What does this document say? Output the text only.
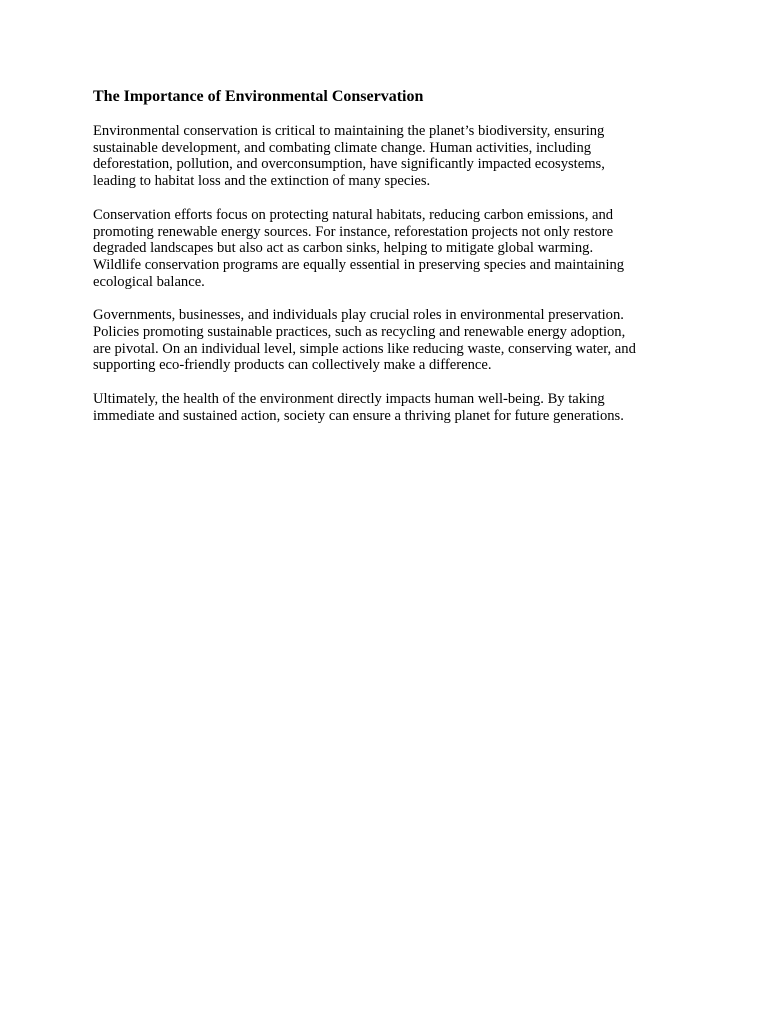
The Importance of Environmental Conservation

Environmental conservation is critical to maintaining the planet’s biodiversity, ensuring
sustainable development, and combating climate change. Human activities, including
deforestation, pollution, and overconsumption, have significantly impacted ecosystems,
leading to habitat loss and the extinction of many species.

Conservation efforts focus on protecting natural habitats, reducing carbon emissions, and
promoting renewable energy sources. For instance, reforestation projects not only restore
degraded landscapes but also act as carbon sinks, helping to mitigate global warming.
Wildlife conservation programs are equally essential in preserving species and maintaining
ecological balance.

Governments, businesses, and individuals play crucial roles in environmental preservation.
Policies promoting sustainable practices, such as recycling and renewable energy adoption,
are pivotal. On an individual level, simple actions like reducing waste, conserving water, and
supporting eco-friendly products can collectively make a difference.

Ultimately, the health of the environment directly impacts human well-being. By taking
immediate and sustained action, society can ensure a thriving planet for future generations.
